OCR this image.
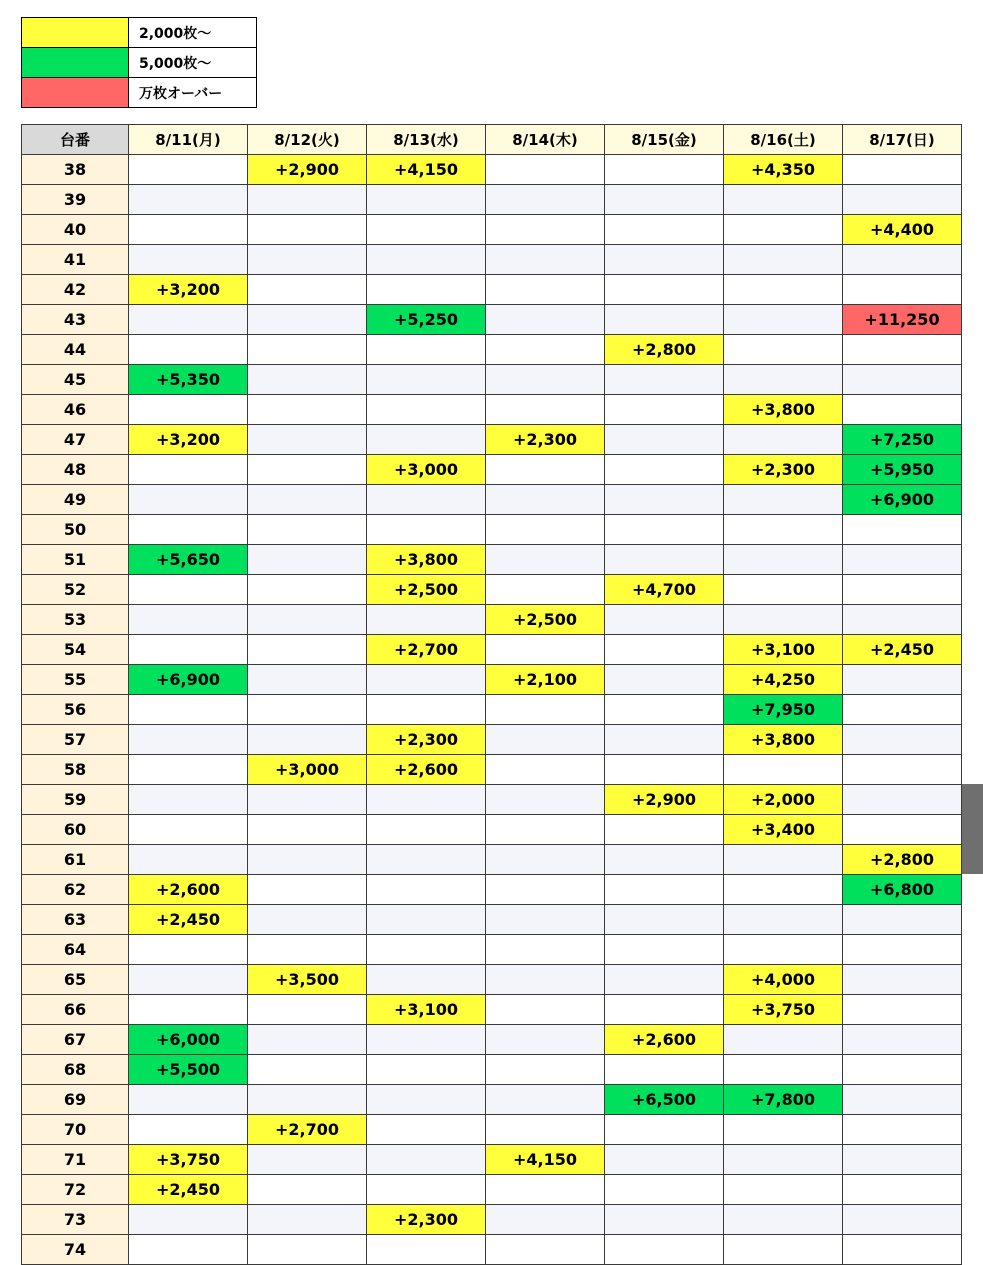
	2,000枚～
	5,000枚～
	万枚オーバー
台番	8/11(月)	8/12(火)	8/13(水)	8/14(木)	8/15(金)	8/16(土)	8/17(日)
38		+2,900	+4,150			+4,350	
39							
40							+4,400
41							
42	+3,200						
43			+5,250				+11,250
44					+2,800		
45	+5,350						
46						+3,800	
47	+3,200			+2,300			+7,250
48			+3,000			+2,300	+5,950
49							+6,900
50							
51	+5,650		+3,800				
52			+2,500		+4,700		
53				+2,500			
54			+2,700			+3,100	+2,450
55	+6,900			+2,100		+4,250	
56						+7,950	
57			+2,300			+3,800	
58		+3,000	+2,600				
59					+2,900	+2,000	
60						+3,400	
61							+2,800
62	+2,600						+6,800
63	+2,450						
64							
65		+3,500				+4,000	
66			+3,100			+3,750	
67	+6,000				+2,600		
68	+5,500						
69					+6,500	+7,800	
70		+2,700					
71	+3,750			+4,150			
72	+2,450						
73			+2,300				
74							
